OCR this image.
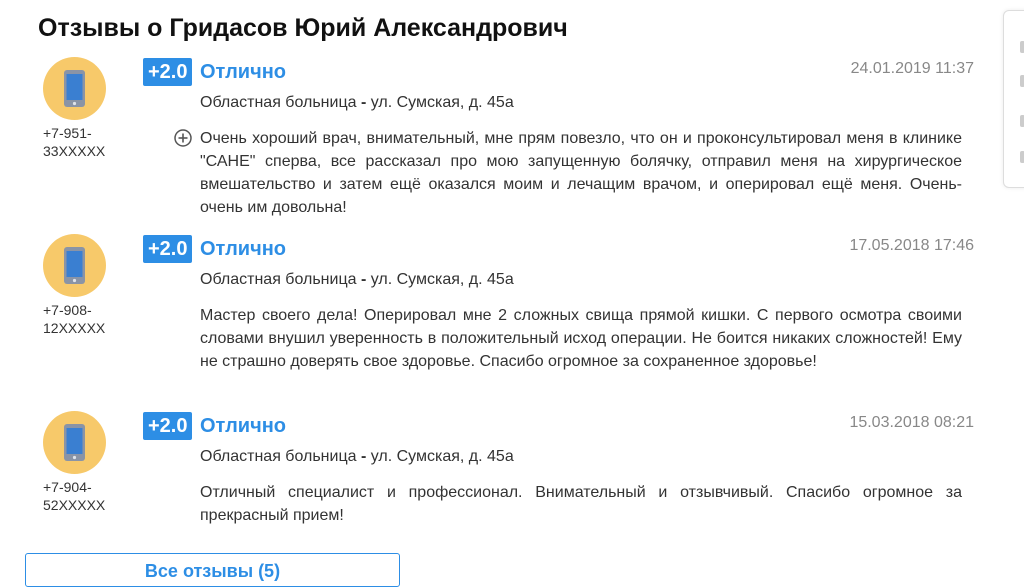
Отзывы о Гридасов Юрий Александрович
+7-951-33XXXXX
+2.0 Отлично	24.01.2019 11:37
Областная больница - ул. Сумская, д. 45а
Очень хороший врач, внимательный, мне прям повезло, что он и проконсультировал меня в клинике "САНЕ" сперва, все рассказал про мою запущенную болячку, отправил меня на хирургическое вмешательство и затем ещё оказался моим и лечащим врачом, и оперировал ещё меня. Очень-очень им довольна!
+7-908-12XXXXX
+2.0 Отлично	17.05.2018 17:46
Областная больница - ул. Сумская, д. 45а
Мастер своего дела! Оперировал мне 2 сложных свища прямой кишки. С первого осмотра своими словами внушил уверенность в положительный исход операции. Не боится никаких сложностей! Ему не страшно доверять свое здоровье. Спасибо огромное за сохраненное здоровье!
+7-904-52XXXXX
+2.0 Отлично	15.03.2018 08:21
Областная больница - ул. Сумская, д. 45а
Отличный специалист и профессионал. Внимательный и отзывчивый. Спасибо огромное за прекрасный прием!
Все отзывы (5)
